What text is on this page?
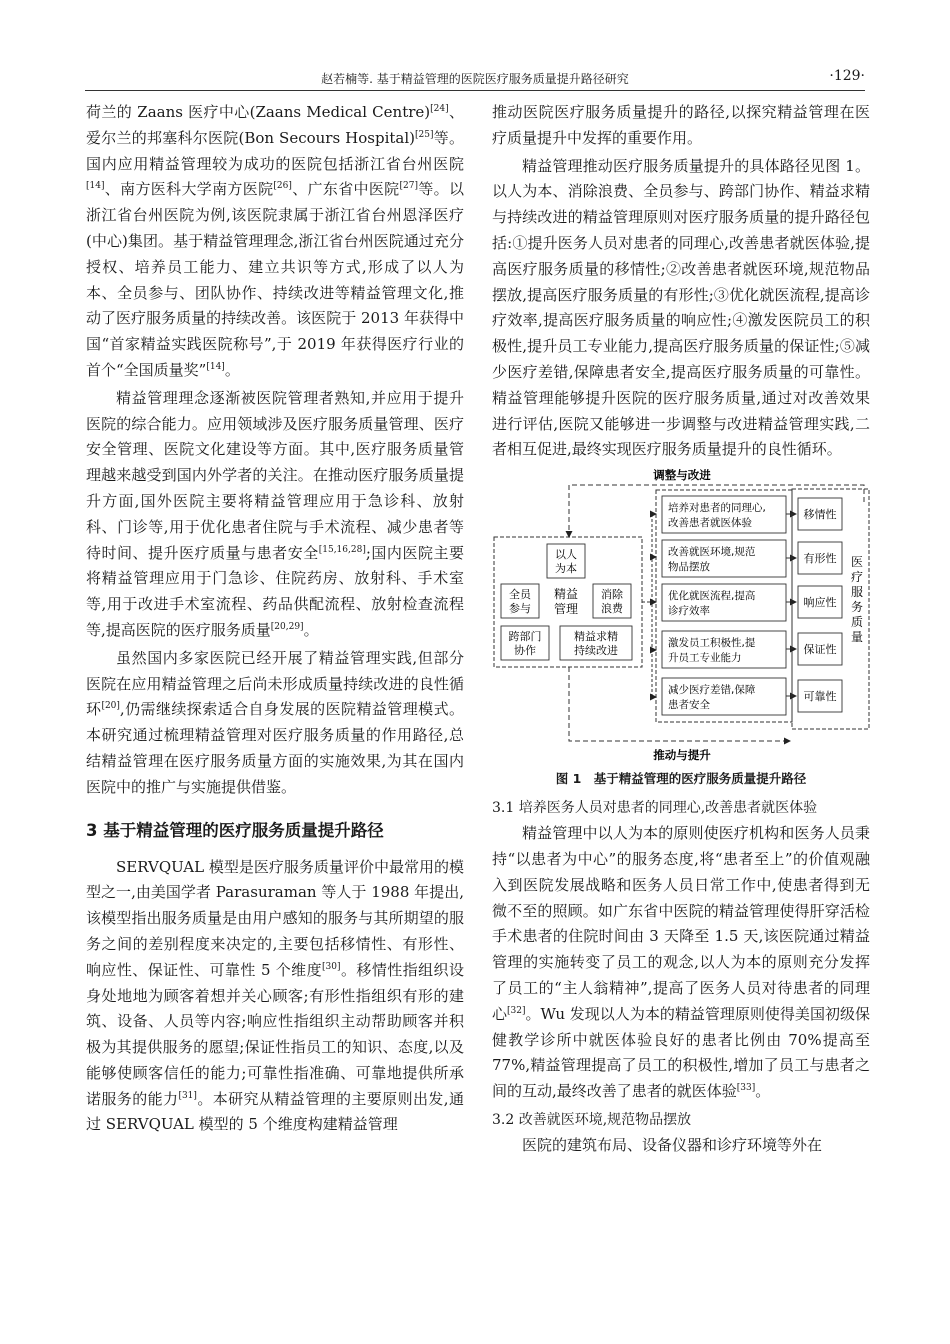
赵若楠等. 基于精益管理的医院医疗服务质量提升路径研究	·129·

荷兰的 Zaans 医疗中心(Zaans Medical Centre)[24]、爱尔兰的邦塞科尔医院(Bon Secours Hospital)[25]等。国内应用精益管理较为成功的医院包括浙江省台州医院[14]、南方医科大学南方医院[26]、广东省中医院[27]等。以浙江省台州医院为例,该医院隶属于浙江省台州恩泽医疗(中心)集团。基于精益管理理念,浙江省台州医院通过充分授权、培养员工能力、建立共识等方式,形成了以人为本、全员参与、团队协作、持续改进等精益管理文化,推动了医疗服务质量的持续改善。该医院于 2013 年获得中国“首家精益实践医院称号”,于 2019 年获得医疗行业的首个“全国质量奖”[14]。

精益管理理念逐渐被医院管理者熟知,并应用于提升医院的综合能力。应用领域涉及医疗服务质量管理、医疗安全管理、医院文化建设等方面。其中,医疗服务质量管理越来越受到国内外学者的关注。在推动医疗服务质量提升方面,国外医院主要将精益管理应用于急诊科、放射科、门诊等,用于优化患者住院与手术流程、减少患者等待时间、提升医疗质量与患者安全[15,16,28];国内医院主要将精益管理应用于门急诊、住院药房、放射科、手术室等,用于改进手术室流程、药品供配流程、放射检查流程等,提高医院的医疗服务质量[20,29]。

虽然国内多家医院已经开展了精益管理实践,但部分医院在应用精益管理之后尚未形成质量持续改进的良性循环[20],仍需继续探索适合自身发展的医院精益管理模式。本研究通过梳理精益管理对医疗服务质量的作用路径,总结精益管理在医疗服务质量方面的实施效果,为其在国内医院中的推广与实施提供借鉴。

3 基于精益管理的医疗服务质量提升路径

SERVQUAL 模型是医疗服务质量评价中最常用的模型之一,由美国学者 Parasuraman 等人于 1988 年提出,该模型指出服务质量是由用户感知的服务与其所期望的服务之间的差别程度来决定的,主要包括移情性、有形性、响应性、保证性、可靠性 5 个维度[30]。移情性指组织设身处地地为顾客着想并关心顾客;有形性指组织有形的建筑、设备、人员等内容;响应性指组织主动帮助顾客并积极为其提供服务的愿望;保证性指员工的知识、态度,以及能够使顾客信任的能力;可靠性指准确、可靠地提供所承诺服务的能力[31]。本研究从精益管理的主要原则出发,通过 SERVQUAL 模型的 5 个维度构建精益管理

推动医院医疗服务质量提升的路径,以探究精益管理在医疗质量提升中发挥的重要作用。

精益管理推动医疗服务质量提升的具体路径见图 1。以人为本、消除浪费、全员参与、跨部门协作、精益求精与持续改进的精益管理原则对医疗服务质量的提升路径包括:①提升医务人员对患者的同理心,改善患者就医体验,提高医疗服务质量的移情性;②改善患者就医环境,规范物品摆放,提高医疗服务质量的有形性;③优化就医流程,提高诊疗效率,提高医疗服务质量的响应性;④激发医院员工的积极性,提升员工专业能力,提高医疗服务质量的保证性;⑤减少医疗差错,保障患者安全,提高医疗服务质量的可靠性。精益管理能够提升医院的医疗服务质量,通过对改善效果进行评估,医院又能够进一步调整与改进精益管理实践,二者相互促进,最终实现医疗服务质量提升的良性循环。

调整与改进
推动与提升
以人
为本
全员
参与
精益
管理
消除
浪费
跨部门
协作
精益求精
持续改进
培养对患者的同理心,
改善患者就医体验
改善就医环境,规范
物品摆放
优化就医流程,提高
诊疗效率
激发员工积极性,提
升员工专业能力
减少医疗差错,保障
患者安全
移情性
有形性
响应性
保证性
可靠性
医
疗
服
务
质
量
图 1　基于精益管理的医疗服务质量提升路径
3.1 培养医务人员对患者的同理心,改善患者就医体验

精益管理中以人为本的原则使医疗机构和医务人员秉持“以患者为中心”的服务态度,将“患者至上”的价值观融入到医院发展战略和医务人员日常工作中,使患者得到无微不至的照顾。如广东省中医院的精益管理使得肝穿活检手术患者的住院时间由 3 天降至 1.5 天,该医院通过精益管理的实施转变了员工的观念,以人为本的原则充分发挥了员工的“主人翁精神”,提高了医务人员对待患者的同理心[32]。Wu 发现以人为本的精益管理原则使得美国初级保健教学诊所中就医体验良好的患者比例由 70%提高至 77%,精益管理提高了员工的积极性,增加了员工与患者之间的互动,最终改善了患者的就医体验[33]。

3.2 改善就医环境,规范物品摆放

医院的建筑布局、设备仪器和诊疗环境等外在
